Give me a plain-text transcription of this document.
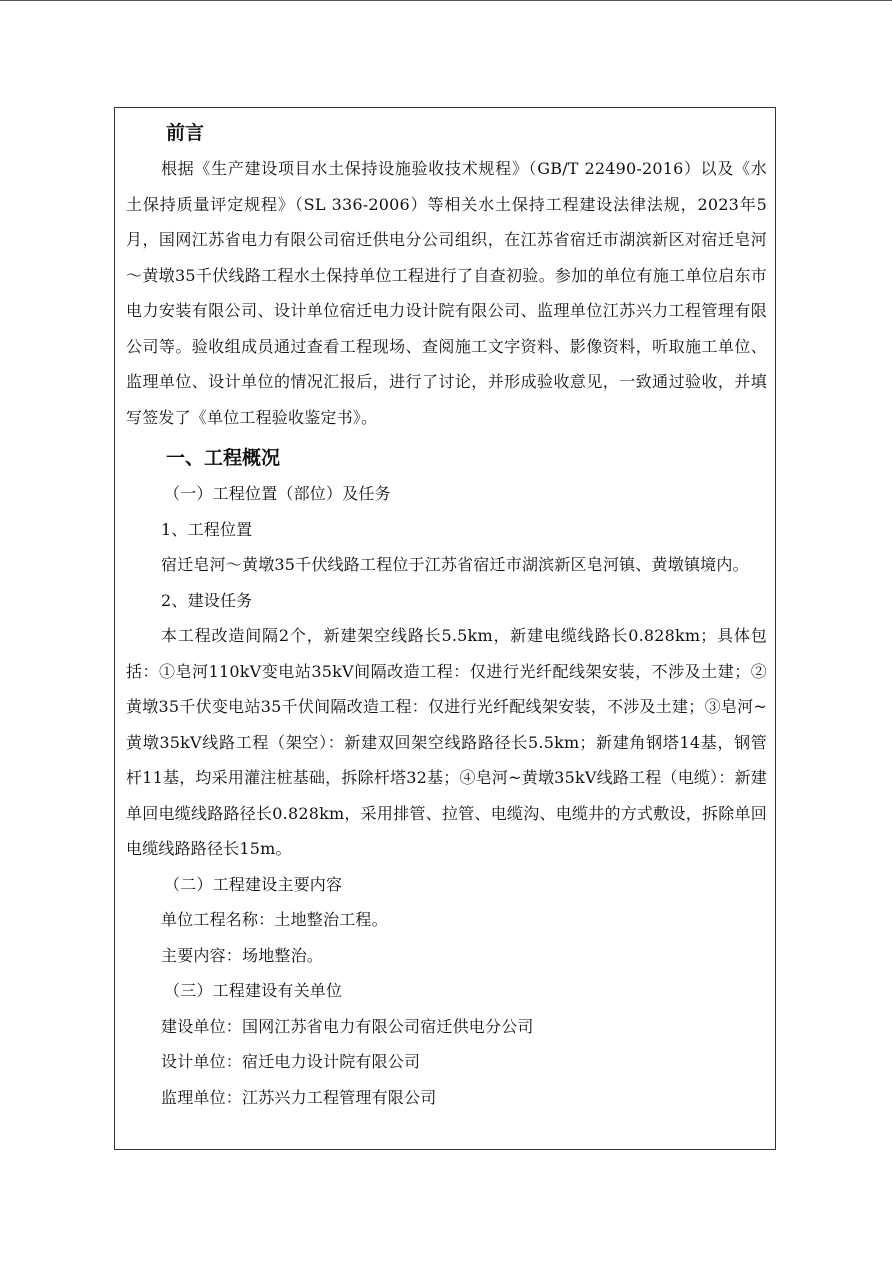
前言

根据《生产建设项目水土保持设施验收技术规程》（GB/T 22490-2016）以及《水土保持质量评定规程》（SL 336-2006）等相关水土保持工程建设法律法规，2023年5月，国网江苏省电力有限公司宿迁供电分公司组织，在江苏省宿迁市湖滨新区对宿迁皂河～黄墩35千伏线路工程水土保持单位工程进行了自查初验。参加的单位有施工单位启东市电力安装有限公司、设计单位宿迁电力设计院有限公司、监理单位江苏兴力工程管理有限公司等。验收组成员通过查看工程现场、查阅施工文字资料、影像资料，听取施工单位、监理单位、设计单位的情况汇报后，进行了讨论，并形成验收意见，一致通过验收，并填写签发了《单位工程验收鉴定书》。

一、工程概况

（一）工程位置（部位）及任务

1、工程位置

宿迁皂河～黄墩35千伏线路工程位于江苏省宿迁市湖滨新区皂河镇、黄墩镇境内。

2、建设任务

本工程改造间隔2个，新建架空线路长5.5km，新建电缆线路长0.828km；具体包括：①皂河110kV变电站35kV间隔改造工程：仅进行光纤配线架安装，不涉及土建；②黄墩35千伏变电站35千伏间隔改造工程：仅进行光纤配线架安装，不涉及土建；③皂河~黄墩35kV线路工程（架空）：新建双回架空线路路径长5.5km；新建角钢塔14基，钢管杆11基，均采用灌注桩基础，拆除杆塔32基；④皂河~黄墩35kV线路工程（电缆）：新建单回电缆线路路径长0.828km，采用排管、拉管、电缆沟、电缆井的方式敷设，拆除单回电缆线路路径长15m。

（二）工程建设主要内容

单位工程名称：土地整治工程。

主要内容：场地整治。

（三）工程建设有关单位

建设单位：国网江苏省电力有限公司宿迁供电分公司

设计单位：宿迁电力设计院有限公司

监理单位：江苏兴力工程管理有限公司
